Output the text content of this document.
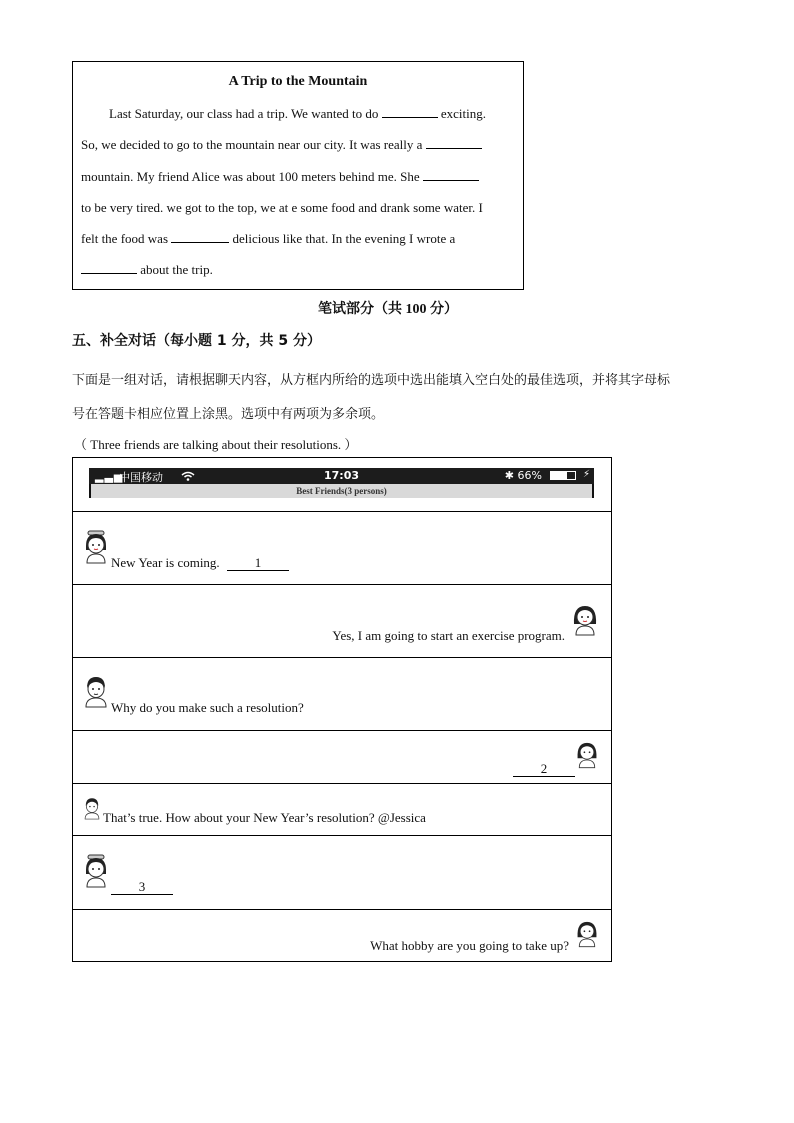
A Trip to the Mountain
Last Saturday, our class had a trip. We wanted to do	exciting.
So, we decided to go to the mountain near our city. It was really a
mountain. My friend Alice was about 100 meters behind me. She
to be very tired. we got to the top, we at e some food and drank some water. I
felt the food was	delicious like that. In the evening I wrote a
about the trip.
笔试部分（共 100 分）
五、补全对话（每小题 1 分，共 5 分）
下面是一组对话，请根据聊天内容，从方框内所给的选项中选出能填入空白处的最佳选项，并将其字母标
号在答题卡相应位置上涂黑。选项中有两项为多余项。
（ Three friends are talking about their resolutions. ）
▂▃▅
中国移动	17:03	✱ 66%	⚡
Best Friends(3 persons)
New Year is coming.	1
Yes, I am going to start an exercise program.
Why do you make such a resolution?
2
That’s true. How about your New Year’s resolution? @Jessica
3
What hobby are you going to take up?
